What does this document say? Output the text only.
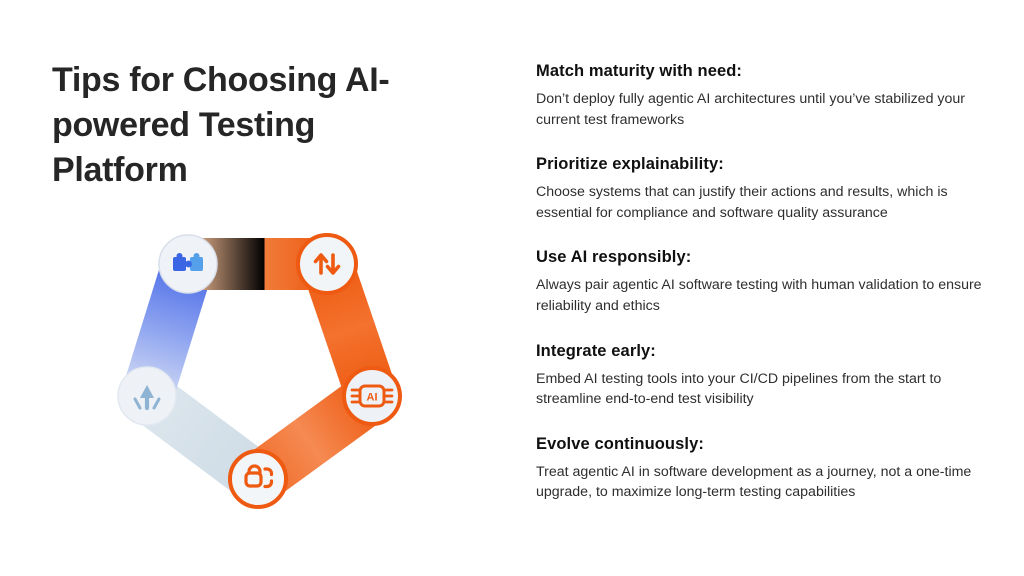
Tips for Choosing AI-
powered Testing
Platform
AI
Match maturity with need:
Don’t deploy fully agentic AI architectures until you’ve stabilized your current test frameworks
Prioritize explainability:
Choose systems that can justify their actions and results, which is essential for compliance and software quality assurance
Use AI responsibly:
Always pair agentic AI software testing with human validation to ensure reliability and ethics
Integrate early:
Embed AI testing tools into your CI/CD pipelines from the start to streamline end-to-end test visibility
Evolve continuously:
Treat agentic AI in software development as a journey, not a one-time upgrade, to maximize long-term testing capabilities
